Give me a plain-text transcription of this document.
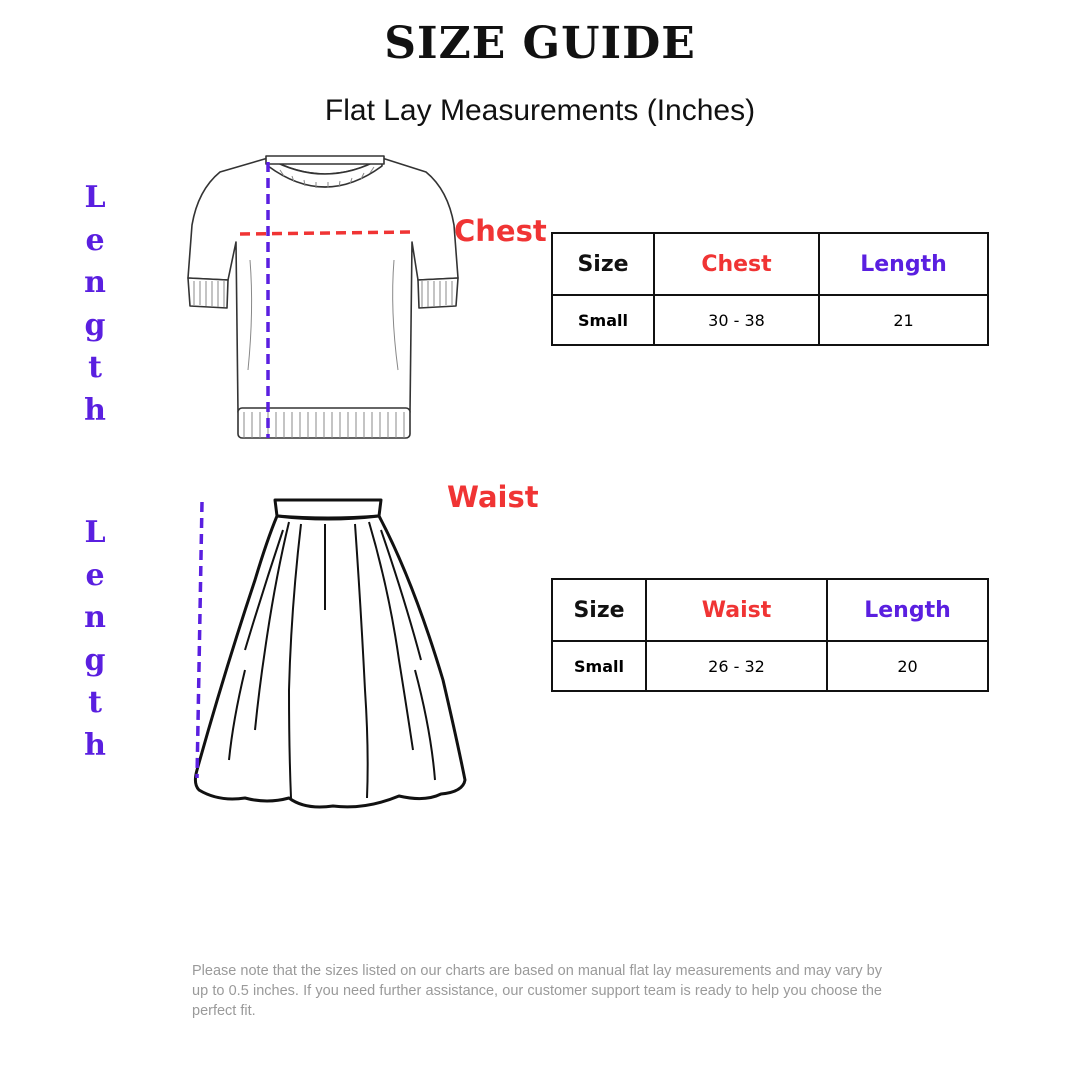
SIZE GUIDE
Flat Lay Measurements (Inches)
L
e
n
g
t
h
Chest
Size	Chest	Length
Small	30 - 38	21
L
e
n
g
t
h
Waist
Size	Waist	Length
Small	26 - 32	20
Please note that the sizes listed on our charts are based on manual flat lay measurements and may vary by up to 0.5 inches. If you need further assistance, our customer support team is ready to help you choose the perfect fit.
